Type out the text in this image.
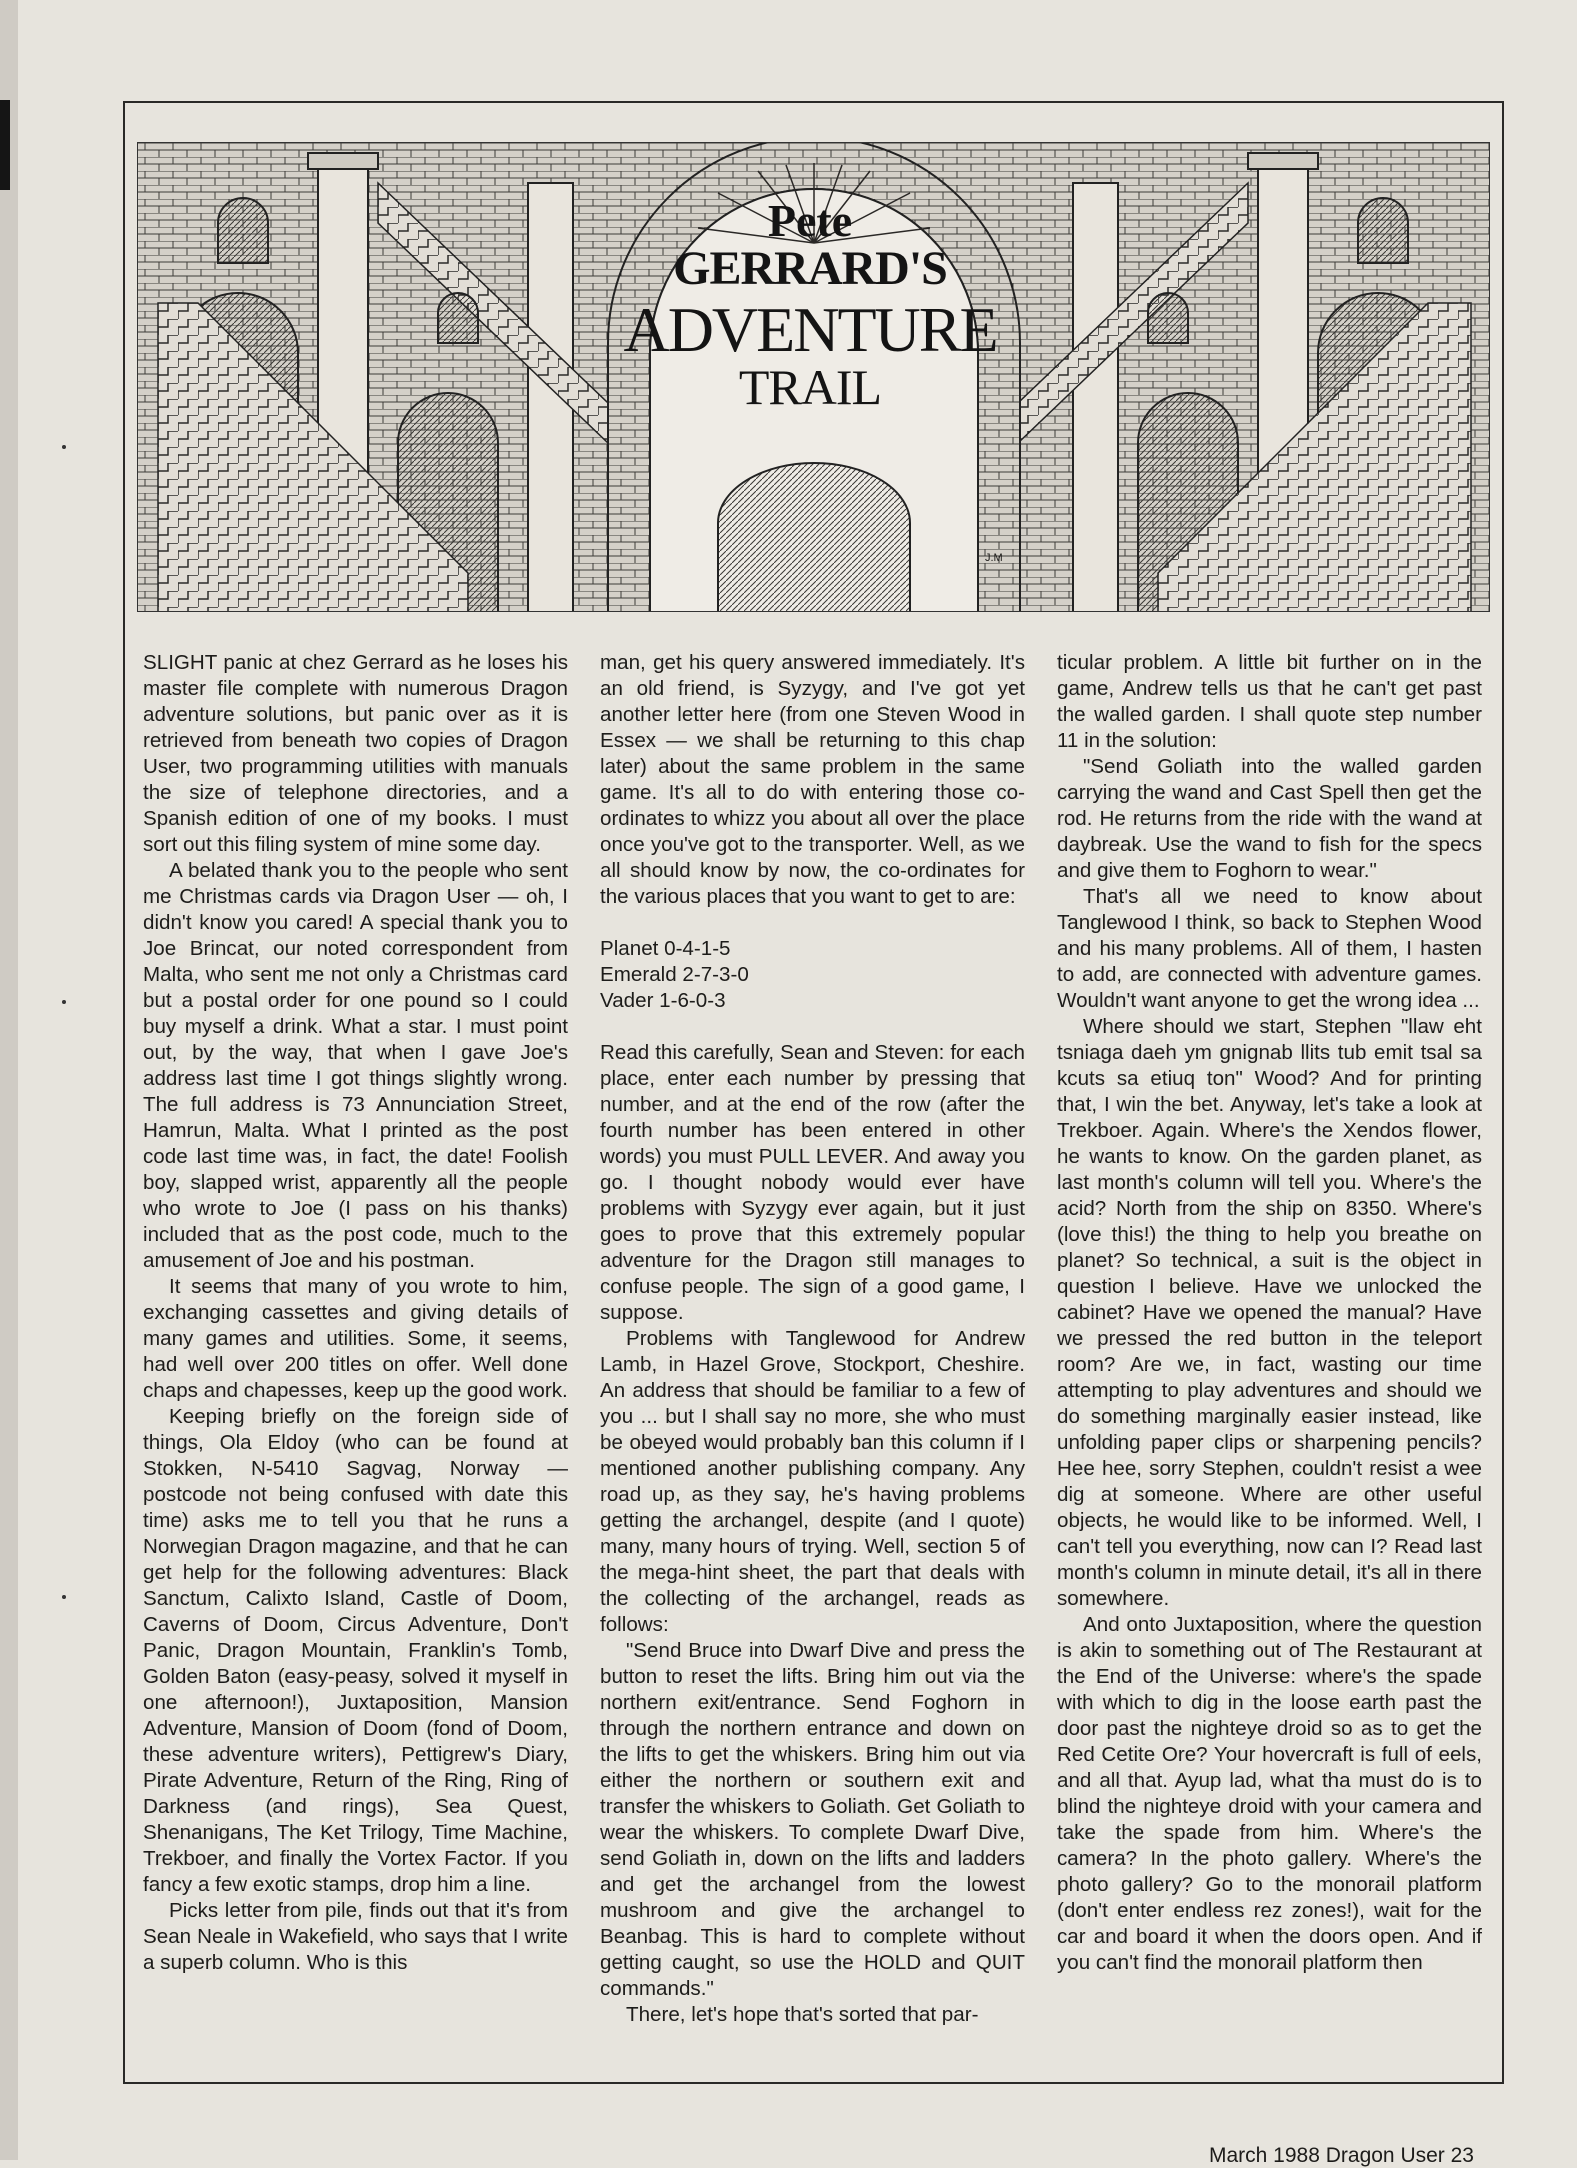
Pete
GERRARD'S
ADVENTURE
TRAIL
J.M

SLIGHT panic at chez Gerrard as he loses his master file complete with numerous Dragon adventure solutions, but panic over as it is retrieved from beneath two copies of Dragon User, two programming utilities with manuals the size of telephone directories, and a Spanish edition of one of my books. I must sort out this filing system of mine some day.

A belated thank you to the people who sent me Christmas cards via Dragon User — oh, I didn't know you cared! A special thank you to Joe Brincat, our noted correspondent from Malta, who sent me not only a Christmas card but a postal order for one pound so I could buy myself a drink. What a star. I must point out, by the way, that when I gave Joe's address last time I got things slightly wrong. The full address is 73 Annunciation Street, Hamrun, Malta. What I printed as the post code last time was, in fact, the date! Foolish boy, slapped wrist, apparently all the people who wrote to Joe (I pass on his thanks) included that as the post code, much to the amusement of Joe and his postman.

It seems that many of you wrote to him, exchanging cassettes and giving details of many games and utilities. Some, it seems, had well over 200 titles on offer. Well done chaps and chapesses, keep up the good work.

Keeping briefly on the foreign side of things, Ola Eldoy (who can be found at Stokken, N-5410 Sagvag, Norway — postcode not being confused with date this time) asks me to tell you that he runs a Norwegian Dragon magazine, and that he can get help for the following adventures: Black Sanctum, Calixto Island, Castle of Doom, Caverns of Doom, Circus Adventure, Don't Panic, Dragon Mountain, Franklin's Tomb, Golden Baton (easy-peasy, solved it myself in one afternoon!), Juxtaposition, Mansion Adventure, Mansion of Doom (fond of Doom, these adventure writers), Pettigrew's Diary, Pirate Adventure, Return of the Ring, Ring of Darkness (and rings), Sea Quest, Shenanigans, The Ket Trilogy, Time Machine, Trekboer, and finally the Vortex Factor. If you fancy a few exotic stamps, drop him a line.

Picks letter from pile, finds out that it's from Sean Neale in Wakefield, who says that I write a superb column. Who is this

man, get his query answered immediately. It's an old friend, is Syzygy, and I've got yet another letter here (from one Steven Wood in Essex — we shall be returning to this chap later) about the same problem in the same game. It's all to do with entering those co-ordinates to whizz you about all over the place once you've got to the transporter. Well, as we all should know by now, the co-ordinates for the various places that you want to get to are:

Planet 0-4-1-5

Emerald 2-7-3-0

Vader 1-6-0-3

Read this carefully, Sean and Steven: for each place, enter each number by pressing that number, and at the end of the row (after the fourth number has been entered in other words) you must PULL LEVER. And away you go. I thought nobody would ever have problems with Syzygy ever again, but it just goes to prove that this extremely popular adventure for the Dragon still manages to confuse people. The sign of a good game, I suppose.

Problems with Tanglewood for Andrew Lamb, in Hazel Grove, Stockport, Cheshire. An address that should be familiar to a few of you ... but I shall say no more, she who must be obeyed would probably ban this column if I mentioned another publishing company. Any road up, as they say, he's having problems getting the archangel, despite (and I quote) many, many hours of trying. Well, section 5 of the mega-hint sheet, the part that deals with the collecting of the archangel, reads as follows:

"Send Bruce into Dwarf Dive and press the button to reset the lifts. Bring him out via the northern exit/entrance. Send Foghorn in through the northern entrance and down on the lifts to get the whiskers. Bring him out via either the northern or southern exit and transfer the whiskers to Goliath. Get Goliath to wear the whiskers. To complete Dwarf Dive, send Goliath in, down on the lifts and ladders and get the archangel from the lowest mushroom and give the archangel to Beanbag. This is hard to complete without getting caught, so use the HOLD and QUIT commands."

There, let's hope that's sorted that par-

ticular problem. A little bit further on in the game, Andrew tells us that he can't get past the walled garden. I shall quote step number 11 in the solution:

"Send Goliath into the walled garden carrying the wand and Cast Spell then get the rod. He returns from the ride with the wand at daybreak. Use the wand to fish for the specs and give them to Foghorn to wear."

That's all we need to know about Tanglewood I think, so back to Stephen Wood and his many problems. All of them, I hasten to add, are connected with adventure games. Wouldn't want anyone to get the wrong idea ...

Where should we start, Stephen "llaw eht tsniaga daeh ym gnignab llits tub emit tsal sa kcuts sa etiuq ton" Wood? And for printing that, I win the bet. Anyway, let's take a look at Trekboer. Again. Where's the Xendos flower, he wants to know. On the garden planet, as last month's column will tell you. Where's the acid? North from the ship on 8350. Where's (love this!) the thing to help you breathe on planet? So technical, a suit is the object in question I believe. Have we unlocked the cabinet? Have we opened the manual? Have we pressed the red button in the teleport room? Are we, in fact, wasting our time attempting to play adventures and should we do something marginally easier instead, like unfolding paper clips or sharpening pencils? Hee hee, sorry Stephen, couldn't resist a wee dig at someone. Where are other useful objects, he would like to be informed. Well, I can't tell you everything, now can I? Read last month's column in minute detail, it's all in there somewhere.

And onto Juxtaposition, where the question is akin to something out of The Restaurant at the End of the Universe: where's the spade with which to dig in the loose earth past the door past the nighteye droid so as to get the Red Cetite Ore? Your hovercraft is full of eels, and all that. Ayup lad, what tha must do is to blind the nighteye droid with your camera and take the spade from him. Where's the camera? In the photo gallery. Where's the photo gallery? Go to the monorail platform (don't enter endless rez zones!), wait for the car and board it when the doors open. And if you can't find the monorail platform then

March 1988 Dragon User 23
